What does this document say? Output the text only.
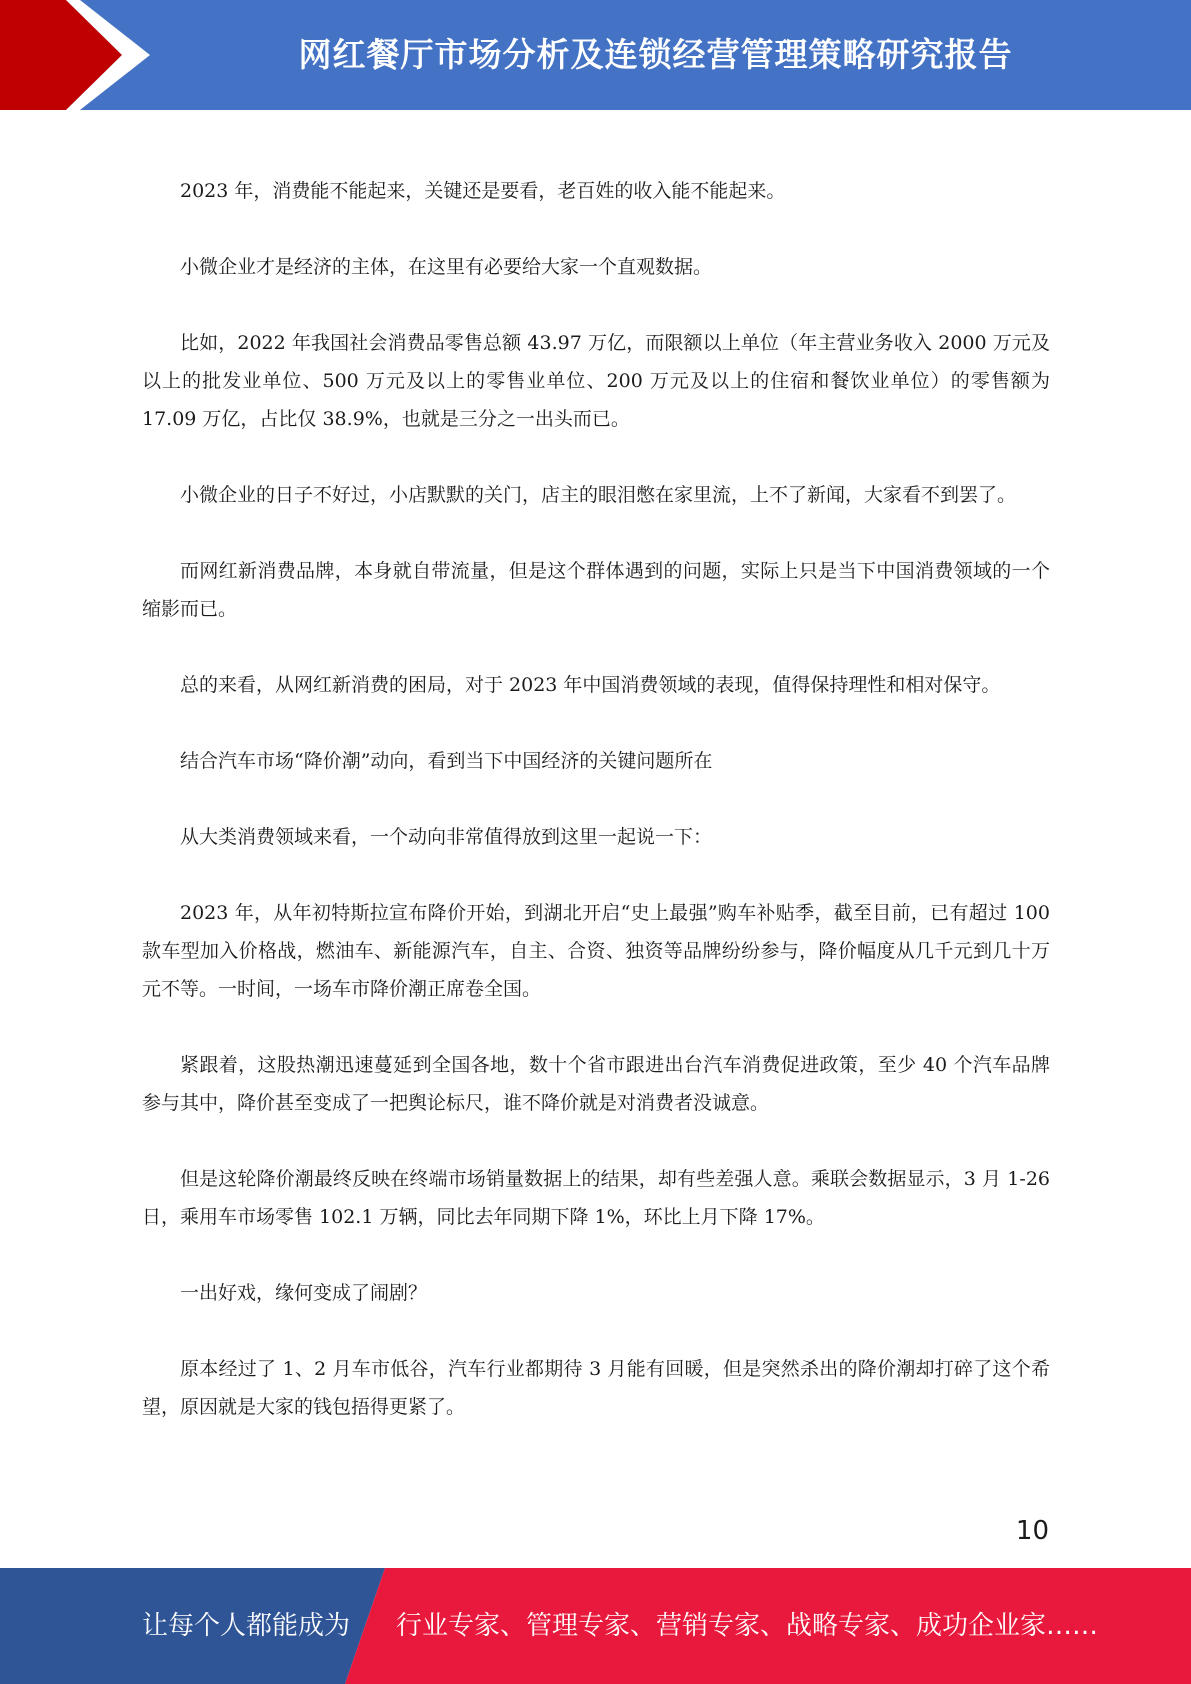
网红餐厅市场分析及连锁经营管理策略研究报告

2023 年，消费能不能起来，关键还是要看，老百姓的收入能不能起来。

小微企业才是经济的主体，在这里有必要给大家一个直观数据。

比如，2022 年我国社会消费品零售总额 43.97 万亿，而限额以上单位（年主营业务收入 2000 万元及以上的批发业单位、500 万元及以上的零售业单位、200 万元及以上的住宿和餐饮业单位）的零售额为 17.09 万亿，占比仅 38.9%，也就是三分之一出头而已。

小微企业的日子不好过，小店默默的关门，店主的眼泪憋在家里流，上不了新闻，大家看不到罢了。

而网红新消费品牌，本身就自带流量，但是这个群体遇到的问题，实际上只是当下中国消费领域的一个缩影而已。

总的来看，从网红新消费的困局，对于 2023 年中国消费领域的表现，值得保持理性和相对保守。

结合汽车市场“降价潮”动向，看到当下中国经济的关键问题所在

从大类消费领域来看，一个动向非常值得放到这里一起说一下：

2023 年，从年初特斯拉宣布降价开始，到湖北开启“史上最强”购车补贴季，截至目前，已有超过 100 款车型加入价格战，燃油车、新能源汽车，自主、合资、独资等品牌纷纷参与，降价幅度从几千元到几十万元不等。一时间，一场车市降价潮正席卷全国。

紧跟着，这股热潮迅速蔓延到全国各地，数十个省市跟进出台汽车消费促进政策，至少 40 个汽车品牌参与其中，降价甚至变成了一把舆论标尺，谁不降价就是对消费者没诚意。

但是这轮降价潮最终反映在终端市场销量数据上的结果，却有些差强人意。乘联会数据显示，3 月 1-26 日，乘用车市场零售 102.1 万辆，同比去年同期下降 1%，环比上月下降 17%。

一出好戏，缘何变成了闹剧？

原本经过了 1、2 月车市低谷，汽车行业都期待 3 月能有回暖，但是突然杀出的降价潮却打碎了这个希望，原因就是大家的钱包捂得更紧了。

10
让每个人都能成为 行业专家、管理专家、营销专家、战略专家、成功企业家……
